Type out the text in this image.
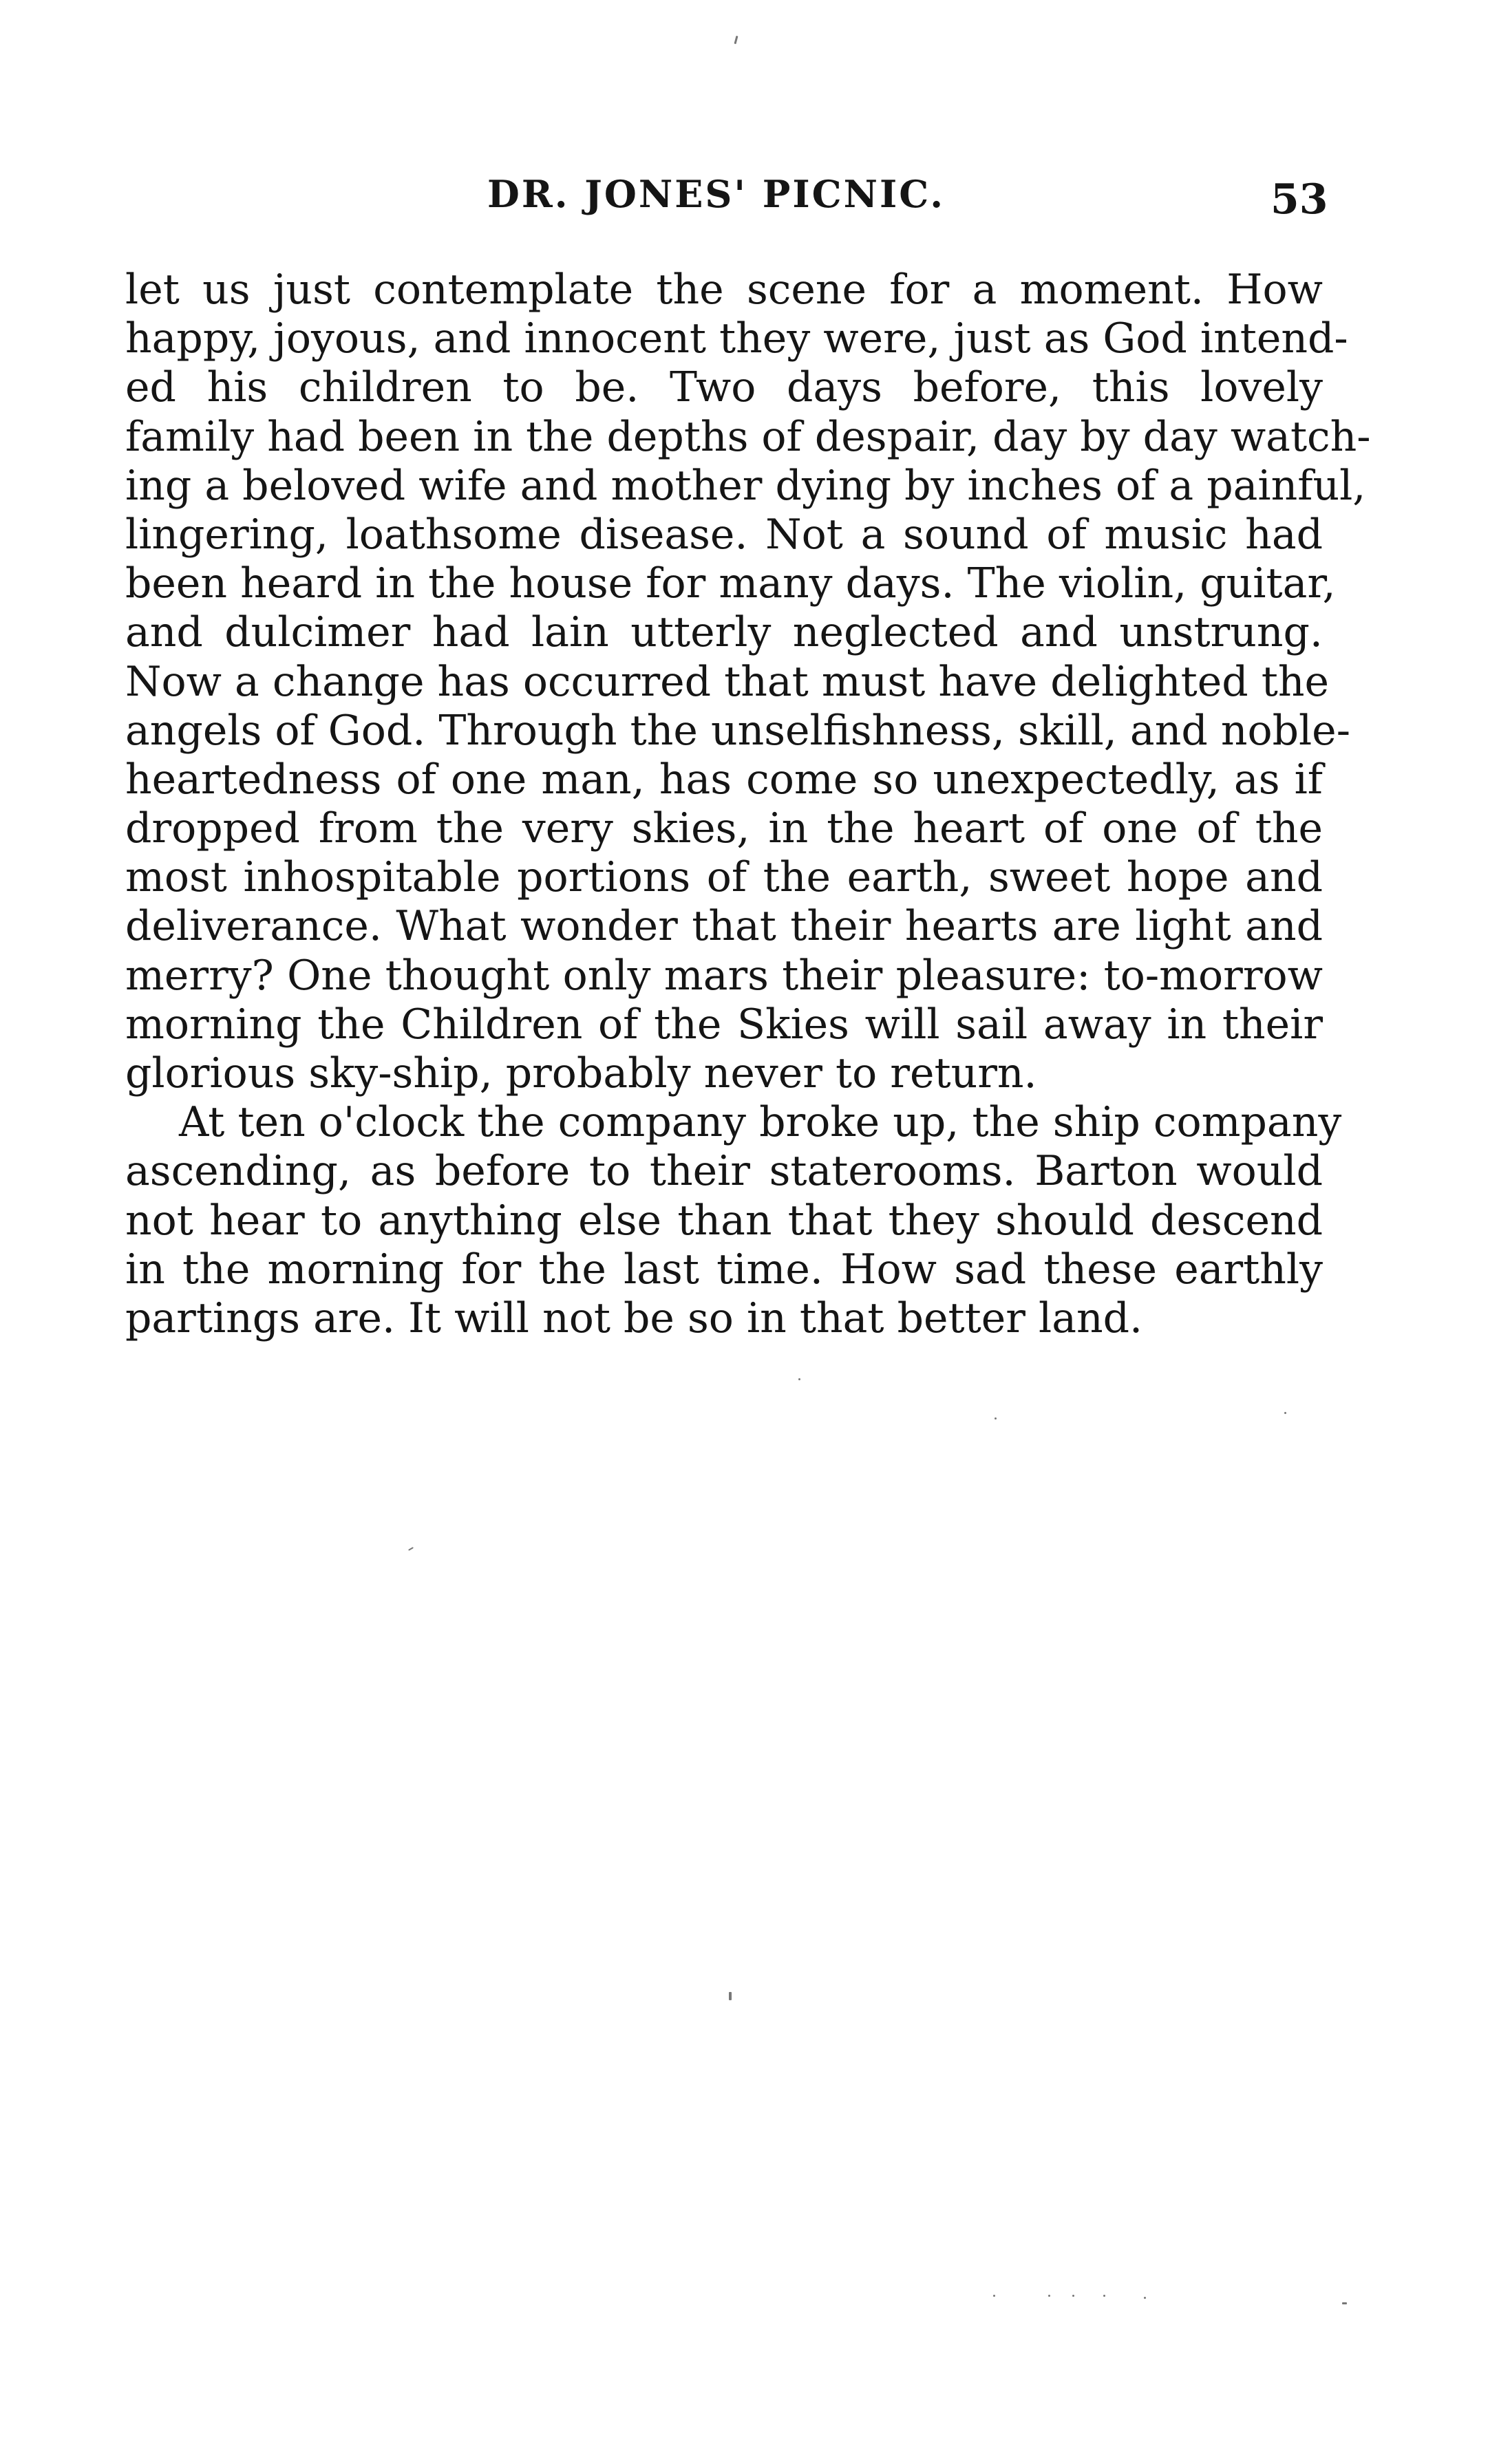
DR. JONES' PICNIC.	53
let us just contemplate the scene for a moment. How
happy, joyous, and innocent they were, just as God intend-
ed his children to be. Two days before, this lovely
family had been in the depths of despair, day by day watch-
ing a beloved wife and mother dying by inches of a painful,
lingering, loathsome disease. Not a sound of music had
been heard in the house for many days. The violin, guitar,
and dulcimer had lain utterly neglected and unstrung.
Now a change has occurred that must have delighted the
angels of God. Through the unselfishness, skill, and noble-
heartedness of one man, has come so unexpectedly, as if
dropped from the very skies, in the heart of one of the
most inhospitable portions of the earth, sweet hope and
deliverance. What wonder that their hearts are light and
merry? One thought only mars their pleasure: to-morrow
morning the Children of the Skies will sail away in their
glorious sky-ship, probably never to return.
At ten o'clock the company broke up, the ship company
ascending, as before to their staterooms. Barton would
not hear to anything else than that they should descend
in the morning for the last time. How sad these earthly
partings are. It will not be so in that better land.
